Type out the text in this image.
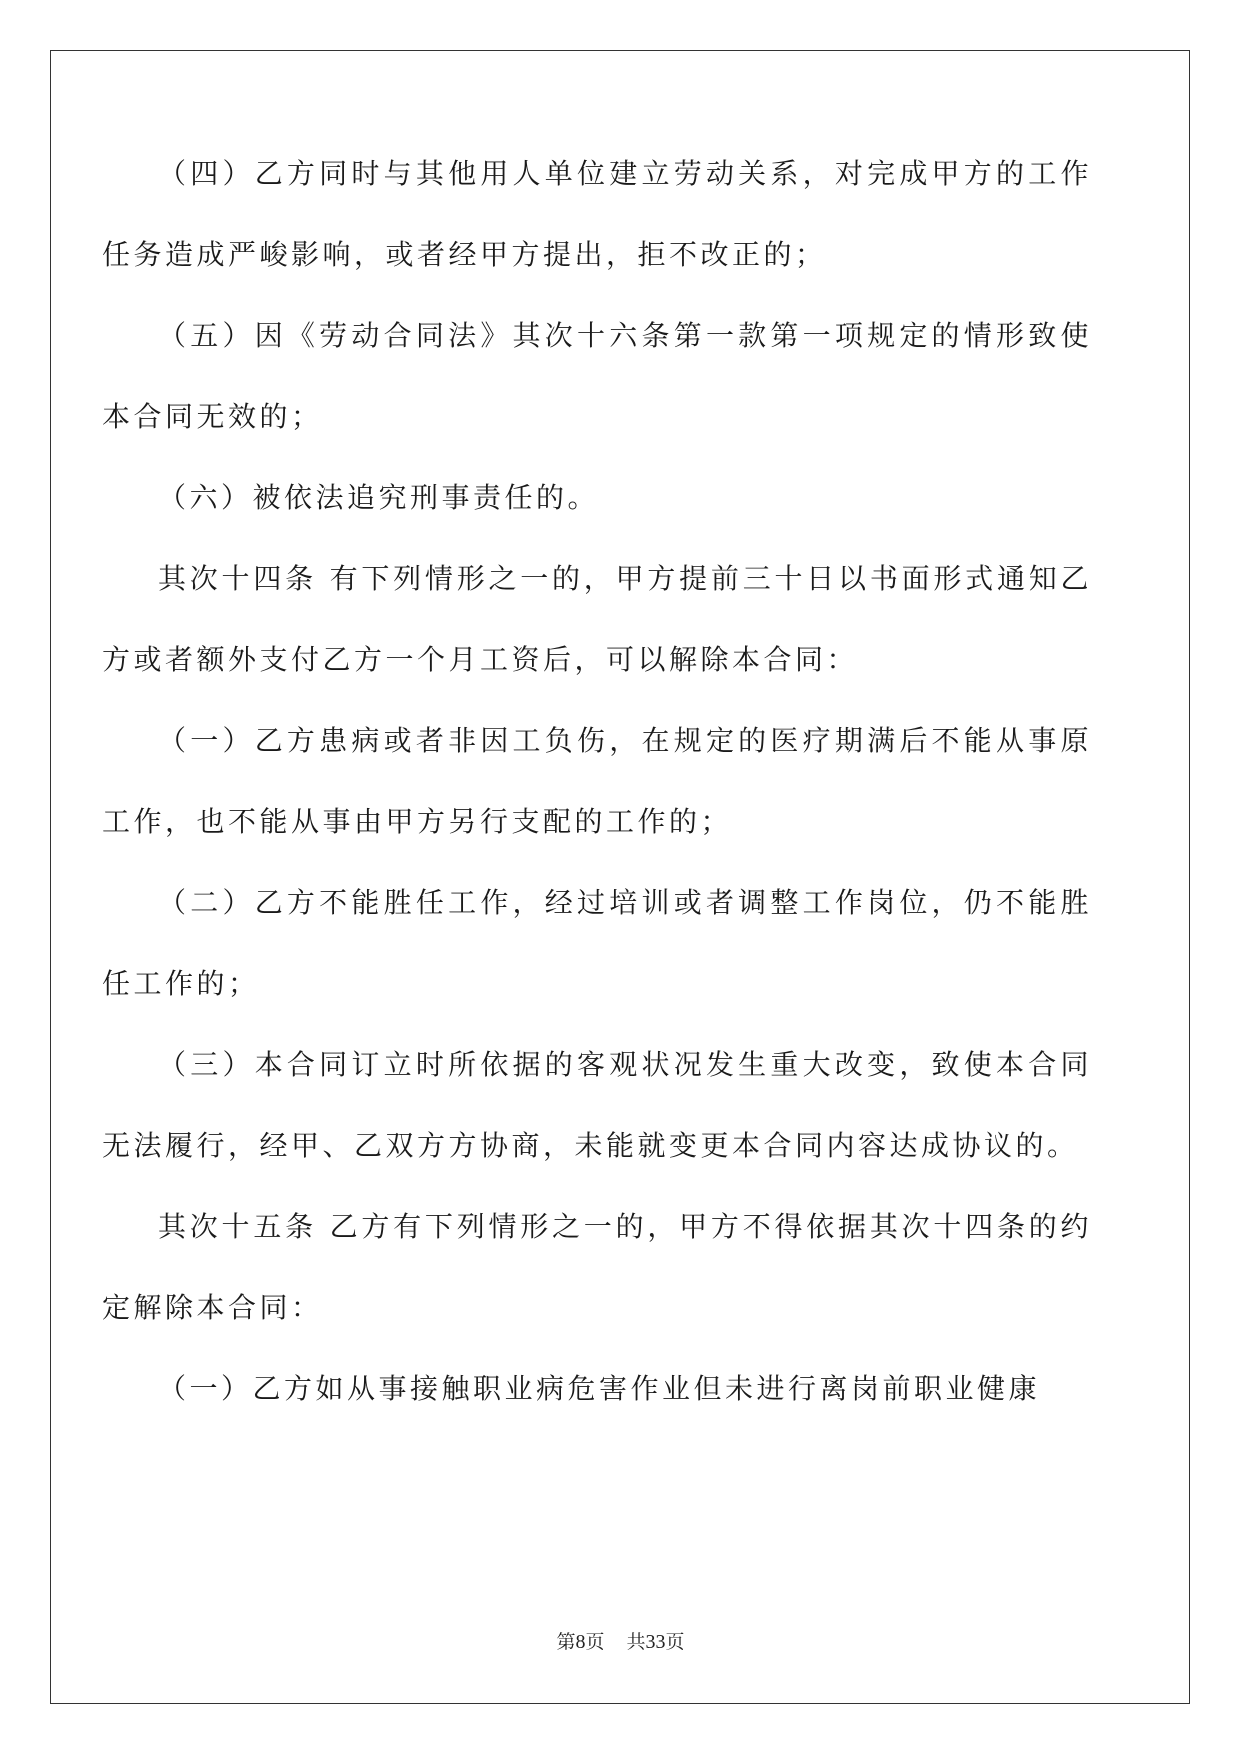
（四）乙方同时与其他用人单位建立劳动关系，对完成甲方的工作任务造成严峻影响，或者经甲方提出，拒不改正的；

（五）因《劳动合同法》其次十六条第一款第一项规定的情形致使本合同无效的；

（六）被依法追究刑事责任的。

其次十四条 有下列情形之一的，甲方提前三十日以书面形式通知乙方或者额外支付乙方一个月工资后，可以解除本合同：

（一）乙方患病或者非因工负伤，在规定的医疗期满后不能从事原工作，也不能从事由甲方另行支配的工作的；

（二）乙方不能胜任工作，经过培训或者调整工作岗位，仍不能胜任工作的；

（三）本合同订立时所依据的客观状况发生重大改变，致使本合同无法履行，经甲、乙双方方协商，未能就变更本合同内容达成协议的。

其次十五条 乙方有下列情形之一的，甲方不得依据其次十四条的约定解除本合同：

（一）乙方如从事接触职业病危害作业但未进行离岗前职业健康

第8页 共33页
